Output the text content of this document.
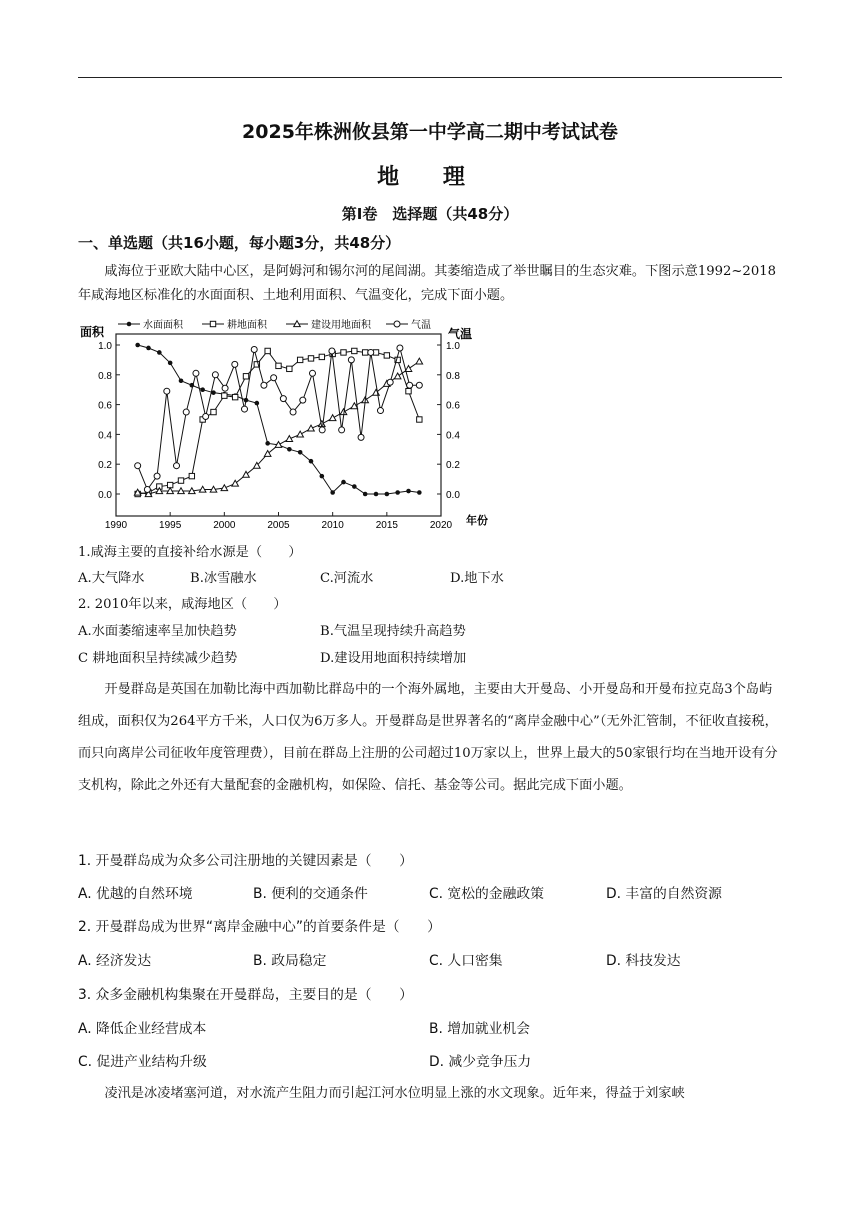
2025年株洲攸县第一中学高二期中考试试卷
地 理
第Ⅰ卷　选择题（共48分）
一、单选题（共16小题，每小题3分，共48分）

咸海位于亚欧大陆中心区，是阿姆河和锡尔河的尾闾湖。其萎缩造成了举世瞩目的生态灾难。下图示意1992~2018年咸海地区标准化的水面面积、土地利用面积、气温变化，完成下面小题。

水面面积	耕地面积	建设用地面积	气温
面积	气温
年份
0.0
0.2
0.4
0.6
0.8
1.0
0.0
0.2
0.4
0.6
0.8
1.0
1990	1995	2000	2005	2010	2015	2020
1.咸海主要的直接补给水源是（　　）
A.大气降水	B.冰雪融水	C.河流水	D.地下水
2. 2010年以来，咸海地区（　　）
A.水面萎缩速率呈加快趋势	B.气温呈现持续升高趋势
C 耕地面积呈持续减少趋势	D.建设用地面积持续增加

开曼群岛是英国在加勒比海中西加勒比群岛中的一个海外属地，主要由大开曼岛、小开曼岛和开曼布拉克岛3个岛屿组成，面积仅为264平方千米，人口仅为6万多人。开曼群岛是世界著名的“离岸金融中心”（无外汇管制，不征收直接税，而只向离岸公司征收年度管理费），目前在群岛上注册的公司超过10万家以上，世界上最大的50家银行均在当地开设有分支机构，除此之外还有大量配套的金融机构，如保险、信托、基金等公司。据此完成下面小题。

1. 开曼群岛成为众多公司注册地的关键因素是（　　）
A. 优越的自然环境	B. 便利的交通条件	C. 宽松的金融政策	D. 丰富的自然资源
2. 开曼群岛成为世界“离岸金融中心”的首要条件是（　　）
A. 经济发达	B. 政局稳定	C. 人口密集	D. 科技发达
3. 众多金融机构集聚在开曼群岛，主要目的是（　　）
A. 降低企业经营成本	B. 增加就业机会
C. 促进产业结构升级	D. 减少竞争压力

凌汛是冰凌堵塞河道，对水流产生阻力而引起江河水位明显上涨的水文现象。近年来，得益于刘家峡
